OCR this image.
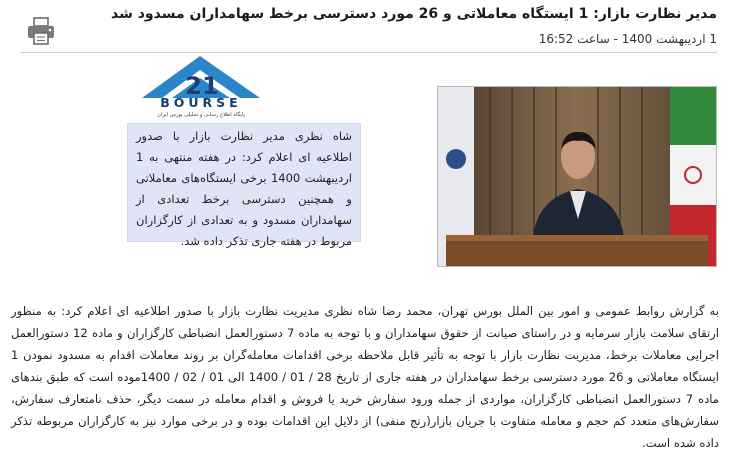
مدیر نظارت بازار: 1 ایستگاه معاملاتی و 26 مورد دسترسی برخط سهامداران مسدود شد
1 اردیبهشت 1400 - ساعت 16:52
21
BOURSE
پایگاه اطلاع رسانی و تحلیلی بورس ایران
شاه نظری مدیر نظارت بازار با صدور اطلاعیه ای اعلام کرد: در هفته منتهی به 1 اردیبهشت 1400 برخی ایستگاه‌های معاملاتی و همچنین دسترسی برخط تعدادی از سهامداران مسدود و به تعدادی از کارگزاران مربوط در هفته جاری تذکر داده شد.
به گزارش روابط عمومی و امور بین الملل بورس تهران، محمد رضا شاه نظری مدیریت نظارت بازار با صدور اطلاعیه ای اعلام کرد: به منظور ارتقای سلامت بازار سرمایه و در راستای صیانت از حقوق سهامداران و با توجه به ماده 7 دستورالعمل انضباطی کارگزاران و ماده 12 دستورالعمل اجرایی معاملات برخط، مدیریت نظارت بازار با توجه به تأثیر قابل ملاحظه برخی اقدامات معامله‌گران بر روند معاملات اقدام به مسدود نمودن 1 ایستگاه معاملاتی و 26 مورد دسترسی برخط سهامداران در هفته جاری از تاریخ 28 / 01 / 1400 الی 01 / 02 / 1400موده است که طبق بندهای ماده 7 دستورالعمل انضباطی کارگزاران، مواردی از جمله ورود سفارش خرید یا فروش و اقدام معامله در سمت دیگر، حذف نامتعارف سفارش، سفارش‌های متعدد کم حجم و معامله متفاوت با جریان بازار(رنج منفی) از دلایل این اقدامات بوده و در برخی موارد نیز به کارگزاران مربوطه تذکر داده شده است.
